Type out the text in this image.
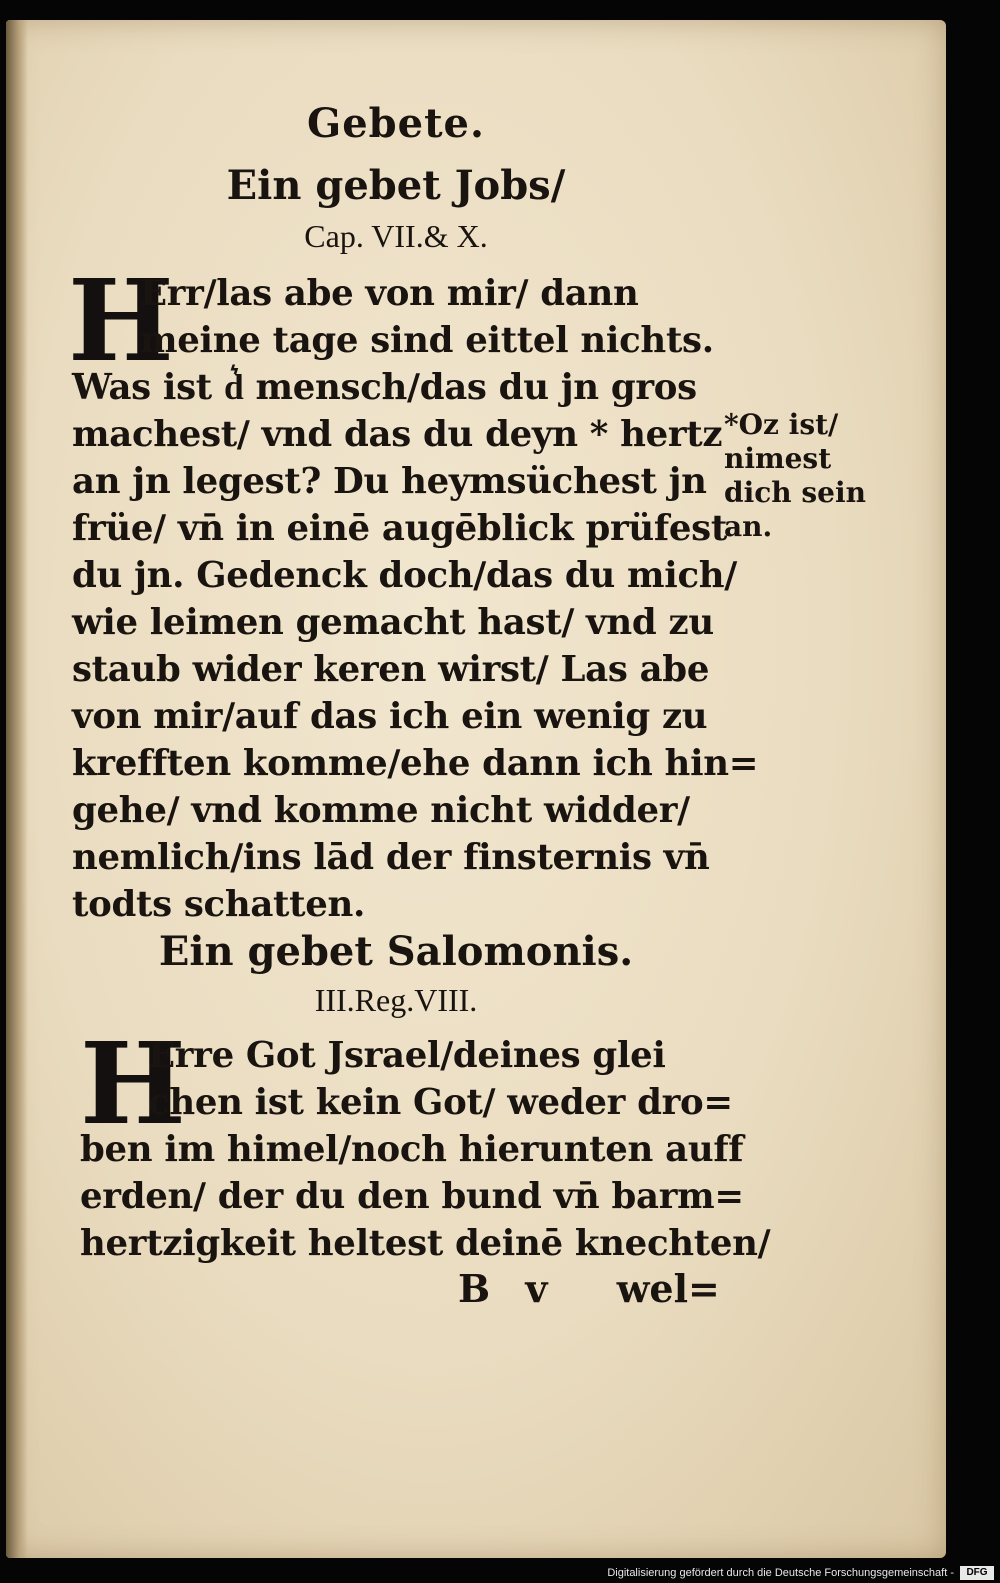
Gebete.
Ein gebet Jobs/
Cap. VII.& X.
H
Err/las abe von mir/ dann
meine tage sind eittel nichts.
Was ist d͛ mensch/das du jn gros
machest/ vnd das du deyn * hertz
an jn legest? Du heymsüchest jn
früe/ vn̄ in einē augēblick prüfest
du jn. Gedenck doch/das du mich/
wie leimen gemacht hast/ vnd zu
staub wider keren wirst/ Las abe
von mir/auf das ich ein wenig zu
krefften komme/ehe dann ich hin=
gehe/ vnd komme nicht widder/
nemlich/ins lād der finsternis vn̄
todts schatten.
*Oz ist/
nimest
dich sein
an.
Ein gebet Salomonis.
III.Reg.VIII.
H
Erre Got Jsrael/deines glei
chen ist kein Got/ weder dro=
ben im himel/noch hierunten auff
erden/ der du den bund vn̄ barm=
hertzigkeit heltest deinē knechten/
B v wel=
Digitalisierung gefördert durch die Deutsche Forschungsgemeinschaft -	DFG
